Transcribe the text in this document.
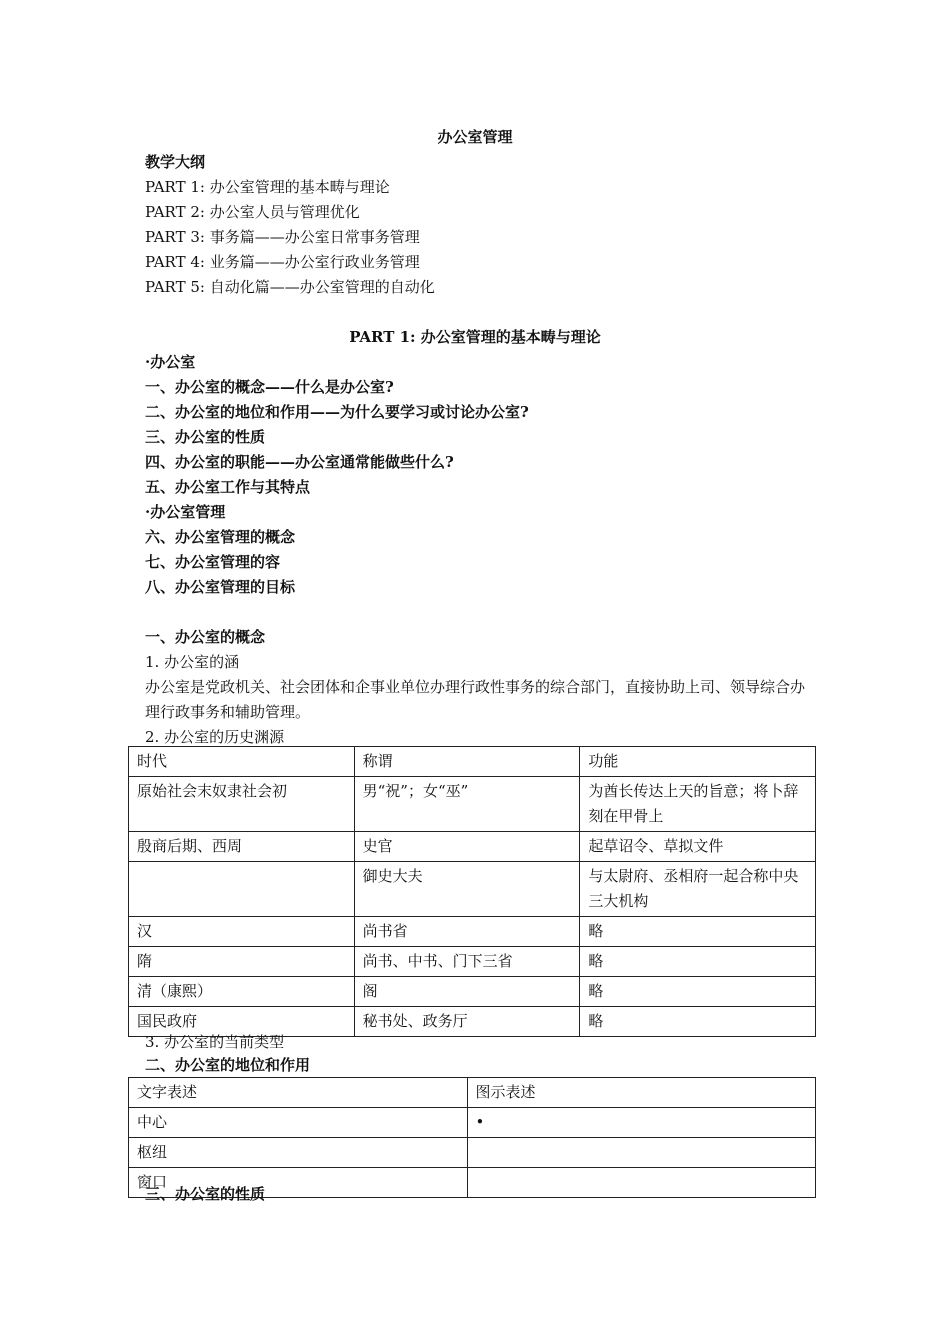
办公室管理
教学大纲
PART 1: 办公室管理的基本畴与理论
PART 2: 办公室人员与管理优化
PART 3: 事务篇——办公室日常事务管理
PART 4: 业务篇——办公室行政业务管理
PART 5: 自动化篇——办公室管理的自动化
PART 1: 办公室管理的基本畴与理论
·办公室
一、办公室的概念——什么是办公室?
二、办公室的地位和作用——为什么要学习或讨论办公室?
三、办公室的性质
四、办公室的职能——办公室通常能做些什么?
五、办公室工作与其特点
·办公室管理
六、办公室管理的概念
七、办公室管理的容
八、办公室管理的目标
一、办公室的概念
1. 办公室的涵
办公室是党政机关、社会团体和企事业单位办理行政性事务的综合部门，直接协助上司、领导综合办理行政事务和辅助管理。
2. 办公室的历史渊源
时代	称谓	功能
原始社会末奴隶社会初	男“祝”；女“巫”	为酋长传达上天的旨意；将卜辞刻在甲骨上
殷商后期、西周	史官	起草诏令、草拟文件
	御史大夫	与太尉府、丞相府一起合称中央三大机构
汉	尚书省	略
隋	尚书、中书、门下三省	略
清（康熙）	阁	略
国民政府	秘书处、政务厅	略
3. 办公室的当前类型
二、办公室的地位和作用
文字表述	图示表述
中心	•
枢纽	
窗口	
三、办公室的性质
